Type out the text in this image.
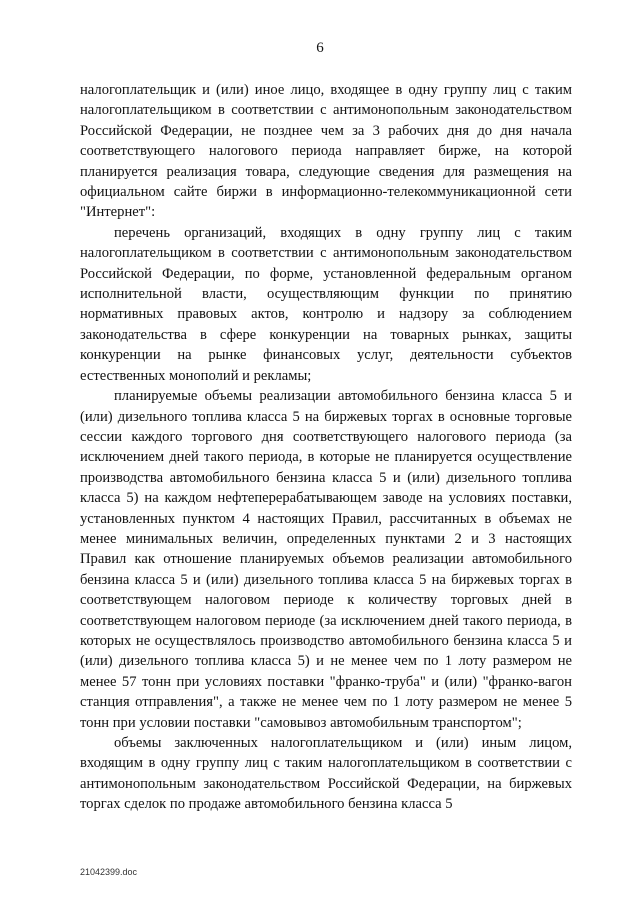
6

налогоплательщик и (или) иное лицо, входящее в одну группу лиц с таким налогоплательщиком в соответствии с антимонопольным законодательством Российской Федерации, не позднее чем за 3 рабочих дня до дня начала соответствующего налогового периода направляет бирже, на которой планируется реализация товара, следующие сведения для размещения на официальном сайте биржи в информационно-телекоммуникационной сети "Интернет":

перечень организаций, входящих в одну группу лиц с таким налогоплательщиком в соответствии с антимонопольным законодательством Российской Федерации, по форме, установленной федеральным органом исполнительной власти, осуществляющим функции по принятию нормативных правовых актов, контролю и надзору за соблюдением законодательства в сфере конкуренции на товарных рынках, защиты конкуренции на рынке финансовых услуг, деятельности субъектов естественных монополий и рекламы;

планируемые объемы реализации автомобильного бензина класса 5 и (или) дизельного топлива класса 5 на биржевых торгах в основные торговые сессии каждого торгового дня соответствующего налогового периода (за исключением дней такого периода, в которые не планируется осуществление производства автомобильного бензина класса 5 и (или) дизельного топлива класса 5) на каждом нефтеперерабатывающем заводе на условиях поставки, установленных пунктом 4 настоящих Правил, рассчитанных в объемах не менее минимальных величин, определенных пунктами 2 и 3 настоящих Правил как отношение планируемых объемов реализации автомобильного бензина класса 5 и (или) дизельного топлива класса 5 на биржевых торгах в соответствующем налоговом периоде к количеству торговых дней в соответствующем налоговом периоде (за исключением дней такого периода, в которых не осуществлялось производство автомобильного бензина класса 5 и (или) дизельного топлива класса 5) и не менее чем по 1 лоту размером не менее 57 тонн при условиях поставки "франко-труба" и (или) "франко-вагон станция отправления", а также не менее чем по 1 лоту размером не менее 5 тонн при условии поставки "самовывоз автомобильным транспортом";

объемы заключенных налогоплательщиком и (или) иным лицом, входящим в одну группу лиц с таким налогоплательщиком в соответствии с антимонопольным законодательством Российской Федерации, на биржевых торгах сделок по продаже автомобильного бензина класса 5

21042399.doc
